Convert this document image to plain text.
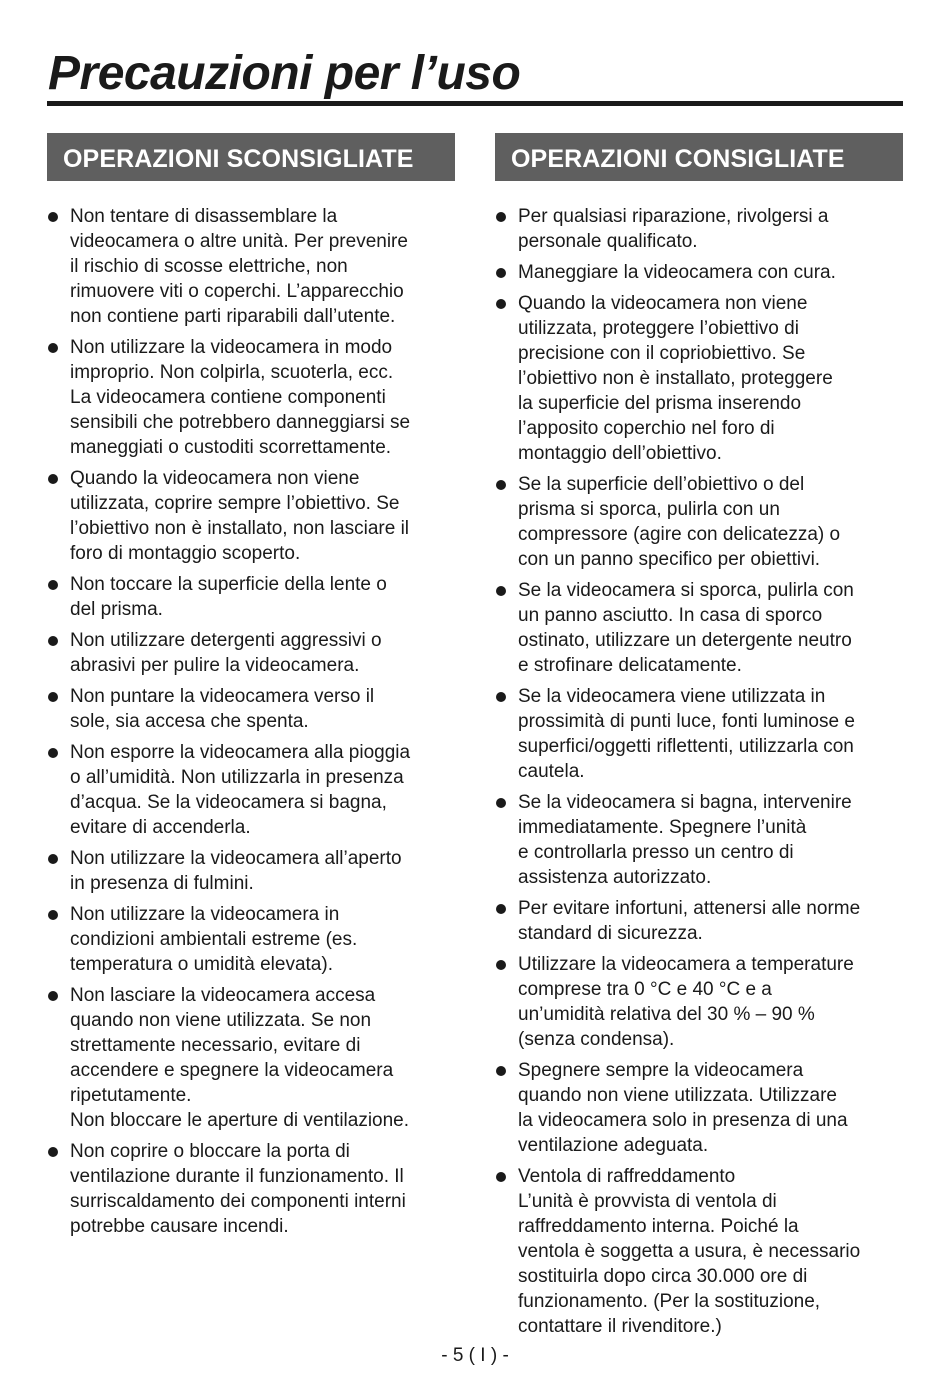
Precauzioni per l’uso
OPERAZIONI SCONSIGLIATE
Non tentare di disassemblare la
videocamera o altre unità. Per prevenire
il rischio di scosse elettriche, non
rimuovere viti o coperchi. L’apparecchio
non contiene parti riparabili dall’utente.
Non utilizzare la videocamera in modo
improprio. Non colpirla, scuoterla, ecc.
La videocamera contiene componenti
sensibili che potrebbero danneggiarsi se
maneggiati o custoditi scorrettamente.
Quando la videocamera non viene
utilizzata, coprire sempre l’obiettivo. Se
l’obiettivo non è installato, non lasciare il
foro di montaggio scoperto.
Non toccare la superficie della lente o
del prisma.
Non utilizzare detergenti aggressivi o
abrasivi per pulire la videocamera.
Non puntare la videocamera verso il
sole, sia accesa che spenta.
Non esporre la videocamera alla pioggia
o all’umidità. Non utilizzarla in presenza
d’acqua. Se la videocamera si bagna,
evitare di accenderla.
Non utilizzare la videocamera all’aperto
in presenza di fulmini.
Non utilizzare la videocamera in
condizioni ambientali estreme (es.
temperatura o umidità elevata).
Non lasciare la videocamera accesa
quando non viene utilizzata. Se non
strettamente necessario, evitare di
accendere e spegnere la videocamera
ripetutamente.
Non bloccare le aperture di ventilazione.
Non coprire o bloccare la porta di
ventilazione durante il funzionamento. Il
surriscaldamento dei componenti interni
potrebbe causare incendi.
OPERAZIONI CONSIGLIATE
Per qualsiasi riparazione, rivolgersi a
personale qualificato.
Maneggiare la videocamera con cura.
Quando la videocamera non viene
utilizzata, proteggere l’obiettivo di
precisione con il copriobiettivo. Se
l’obiettivo non è installato, proteggere
la superficie del prisma inserendo
l’apposito coperchio nel foro di
montaggio dell’obiettivo.
Se la superficie dell’obiettivo o del
prisma si sporca, pulirla con un
compressore (agire con delicatezza) o
con un panno specifico per obiettivi.
Se la videocamera si sporca, pulirla con
un panno asciutto. In casa di sporco
ostinato, utilizzare un detergente neutro
e strofinare delicatamente.
Se la videocamera viene utilizzata in
prossimità di punti luce, fonti luminose e
superfici/oggetti riflettenti, utilizzarla con
cautela.
Se la videocamera si bagna, intervenire
immediatamente. Spegnere l’unità
e controllarla presso un centro di
assistenza autorizzato.
Per evitare infortuni, attenersi alle norme
standard di sicurezza.
Utilizzare la videocamera a temperature
comprese tra 0 °C e 40 °C e a
un’umidità relativa del 30 % – 90 %
(senza condensa).
Spegnere sempre la videocamera
quando non viene utilizzata. Utilizzare
la videocamera solo in presenza di una
ventilazione adeguata.
Ventola di raffreddamento
L’unità è provvista di ventola di
raffreddamento interna. Poiché la
ventola è soggetta a usura, è necessario
sostituirla dopo circa 30.000 ore di
funzionamento. (Per la sostituzione,
contattare il rivenditore.)
- 5 ( I ) -
